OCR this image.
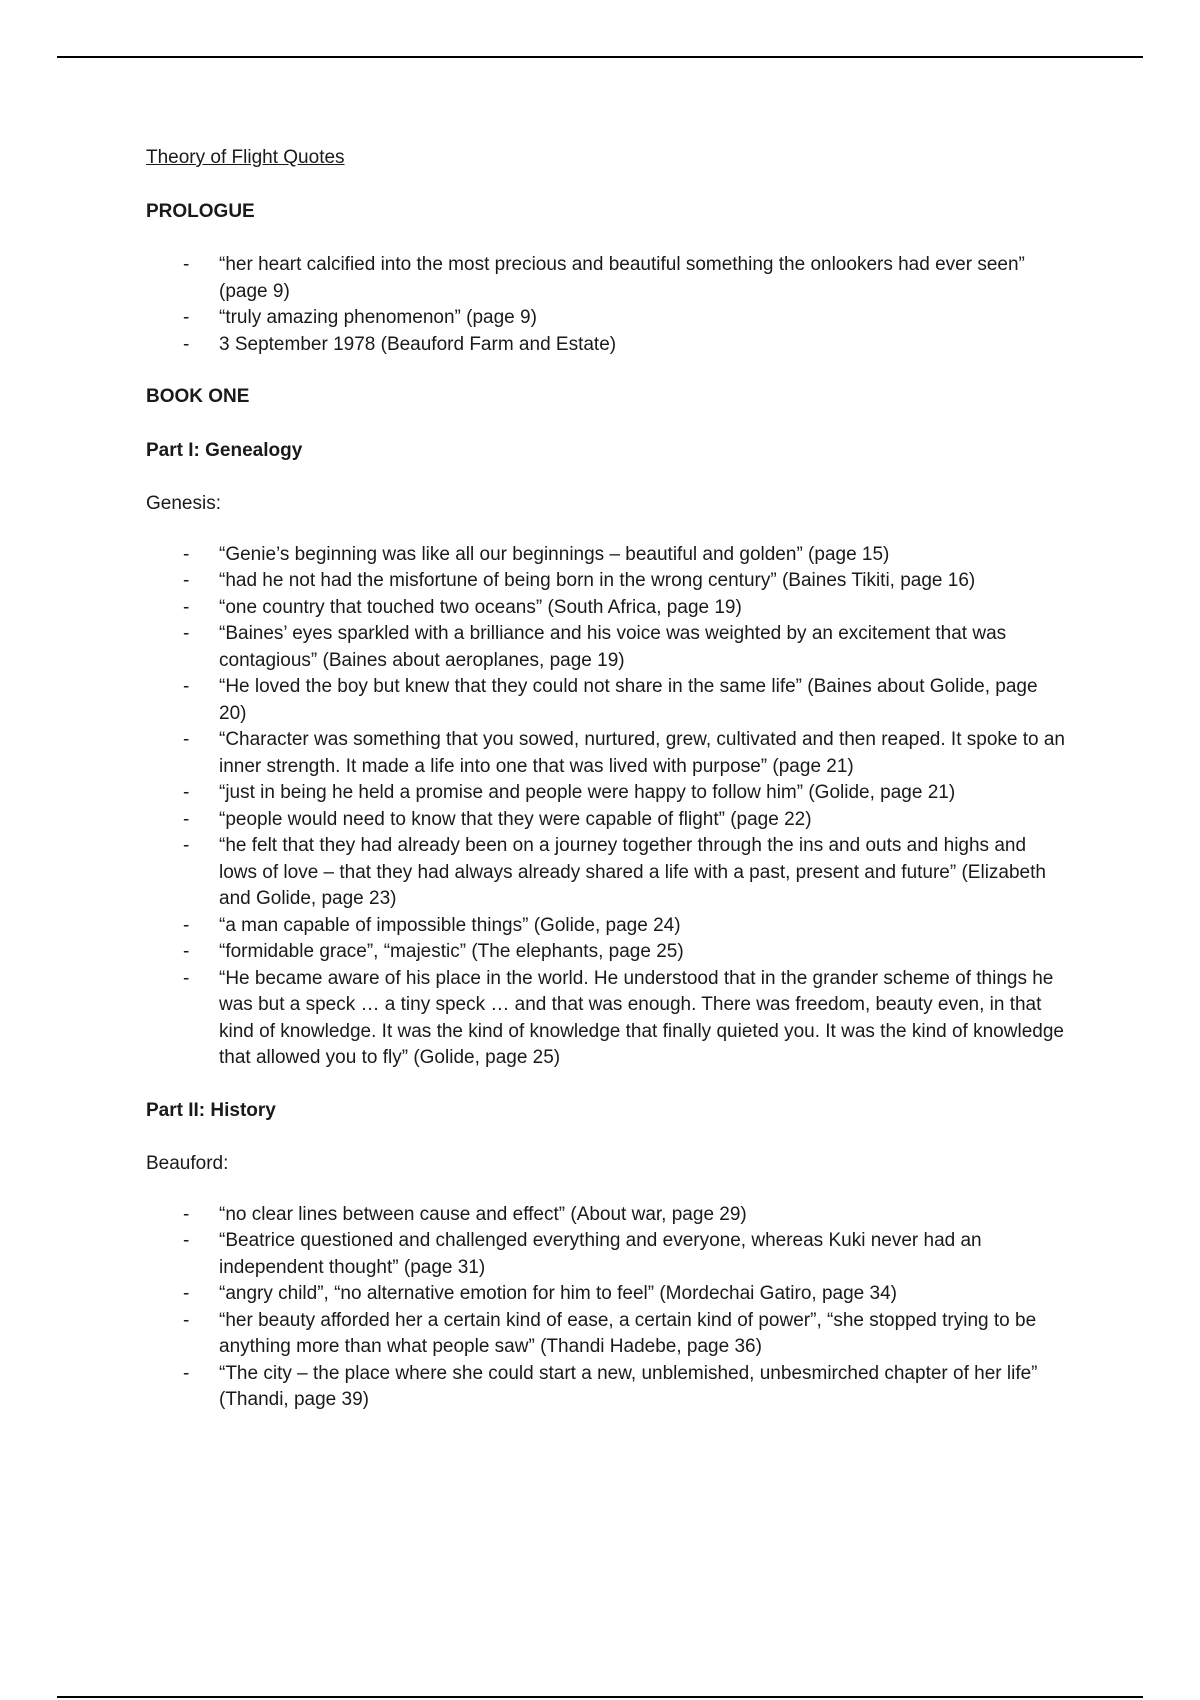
Theory of Flight Quotes
PROLOGUE
- “her heart calcified into the most precious and beautiful something the onlookers had ever seen” (page 9)
- “truly amazing phenomenon” (page 9)
- 3 September 1978 (Beauford Farm and Estate)
BOOK ONE
Part I: Genealogy
Genesis:
- “Genie’s beginning was like all our beginnings – beautiful and golden” (page 15)
- “had he not had the misfortune of being born in the wrong century” (Baines Tikiti, page 16)
- “one country that touched two oceans” (South Africa, page 19)
- “Baines’ eyes sparkled with a brilliance and his voice was weighted by an excitement that was contagious” (Baines about aeroplanes, page 19)
- “He loved the boy but knew that they could not share in the same life” (Baines about Golide, page 20)
- “Character was something that you sowed, nurtured, grew, cultivated and then reaped. It spoke to an inner strength. It made a life into one that was lived with purpose” (page 21)
- “just in being he held a promise and people were happy to follow him” (Golide, page 21)
- “people would need to know that they were capable of flight” (page 22)
- “he felt that they had already been on a journey together through the ins and outs and highs and lows of love – that they had always already shared a life with a past, present and future” (Elizabeth and Golide, page 23)
- “a man capable of impossible things” (Golide, page 24)
- “formidable grace”, “majestic” (The elephants, page 25)
- “He became aware of his place in the world. He understood that in the grander scheme of things he was but a speck … a tiny speck … and that was enough. There was freedom, beauty even, in that kind of knowledge. It was the kind of knowledge that finally quieted you. It was the kind of knowledge that allowed you to fly” (Golide, page 25)
Part II: History
Beauford:
- “no clear lines between cause and effect” (About war, page 29)
- “Beatrice questioned and challenged everything and everyone, whereas Kuki never had an independent thought” (page 31)
- “angry child”, “no alternative emotion for him to feel” (Mordechai Gatiro, page 34)
- “her beauty afforded her a certain kind of ease, a certain kind of power”, “she stopped trying to be anything more than what people saw” (Thandi Hadebe, page 36)
- “The city – the place where she could start a new, unblemished, unbesmirched chapter of her life” (Thandi, page 39)
